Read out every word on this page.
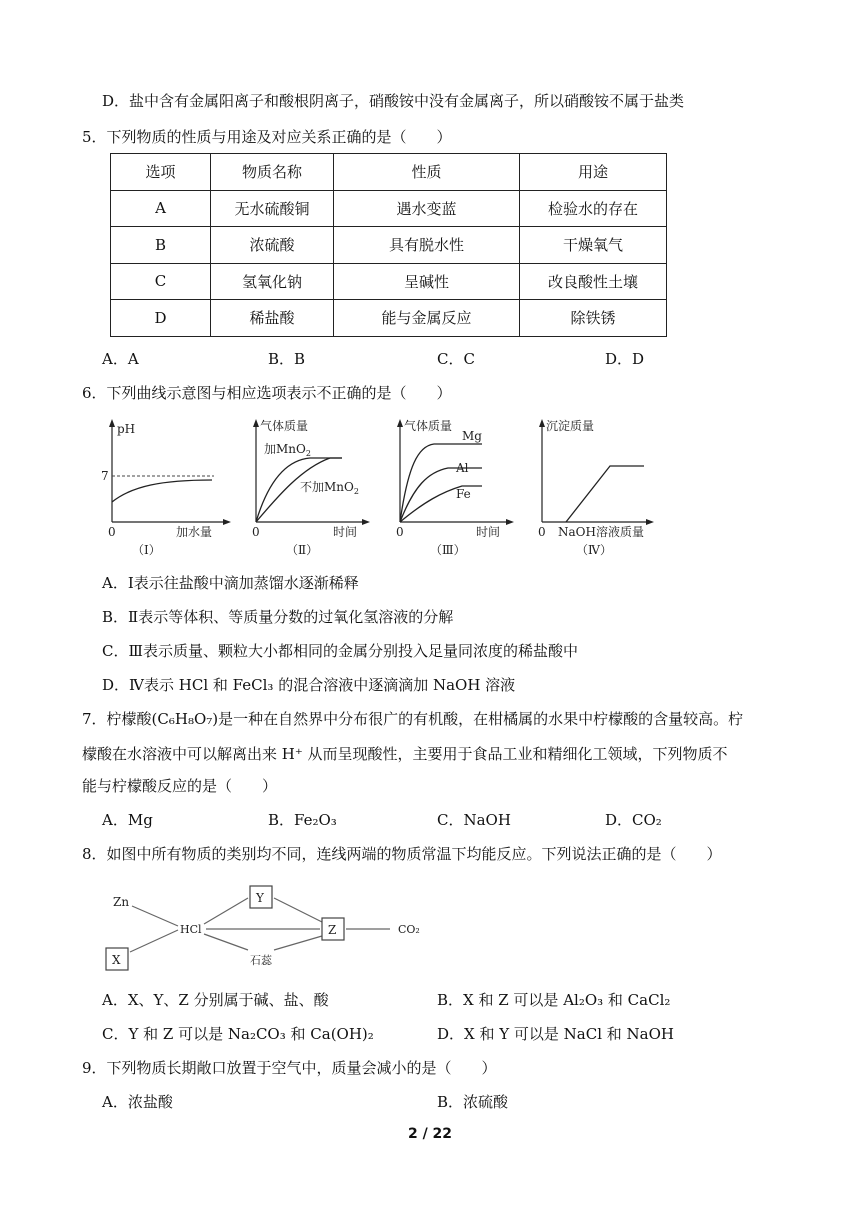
D．盐中含有金属阳离子和酸根阴离子，硝酸铵中没有金属离子，所以硝酸铵不属于盐类
5．下列物质的性质与用途及对应关系正确的是（　　）
选项	物质名称	性质	用途
A	无水硫酸铜	遇水变蓝	检验水的存在
B	浓硫酸	具有脱水性	干燥氧气
C	氢氧化钠	呈碱性	改良酸性土壤
D	稀盐酸	能与金属反应	除铁锈
A．A	B．B	C．C	D．D
6．下列曲线示意图与相应选项表示不正确的是（　　）
pH
7
0	加水量
（Ⅰ）
气体质量
加MnO$_2$
不加MnO$_2$
0	时间
（Ⅱ）
气体质量
Mg
Al
Fe
0	时间
（Ⅲ）
沉淀质量
0 NaOH溶液质量
（Ⅳ）
A．Ⅰ表示往盐酸中滴加蒸馏水逐渐稀释
B．Ⅱ表示等体积、等质量分数的过氧化氢溶液的分解
C．Ⅲ表示质量、颗粒大小都相同的金属分别投入足量同浓度的稀盐酸中
D．Ⅳ表示 HCl 和 FeCl₃ 的混合溶液中逐滴滴加 NaOH 溶液
7．柠檬酸(C₆H₈O₇)是一种在自然界中分布很广的有机酸，在柑橘属的水果中柠檬酸的含量较高。柠
檬酸在水溶液中可以解离出来 H⁺ 从而呈现酸性，主要用于食品工业和精细化工领域，下列物质不
能与柠檬酸反应的是（　　）
A．Mg	B．Fe₂O₃	C．NaOH	D．CO₂
8．如图中所有物质的类别均不同，连线两端的物质常温下均能反应。下列说法正确的是（　　）
Zn
X
HCl
Y
Z	CO₂
石蕊
A．X、Y、Z 分别属于碱、盐、酸	B．X 和 Z 可以是 Al₂O₃ 和 CaCl₂
C．Y 和 Z 可以是 Na₂CO₃ 和 Ca(OH)₂	D．X 和 Y 可以是 NaCl 和 NaOH
9．下列物质长期敞口放置于空气中，质量会减小的是（　　）
A．浓盐酸	B．浓硫酸
2 / 22
